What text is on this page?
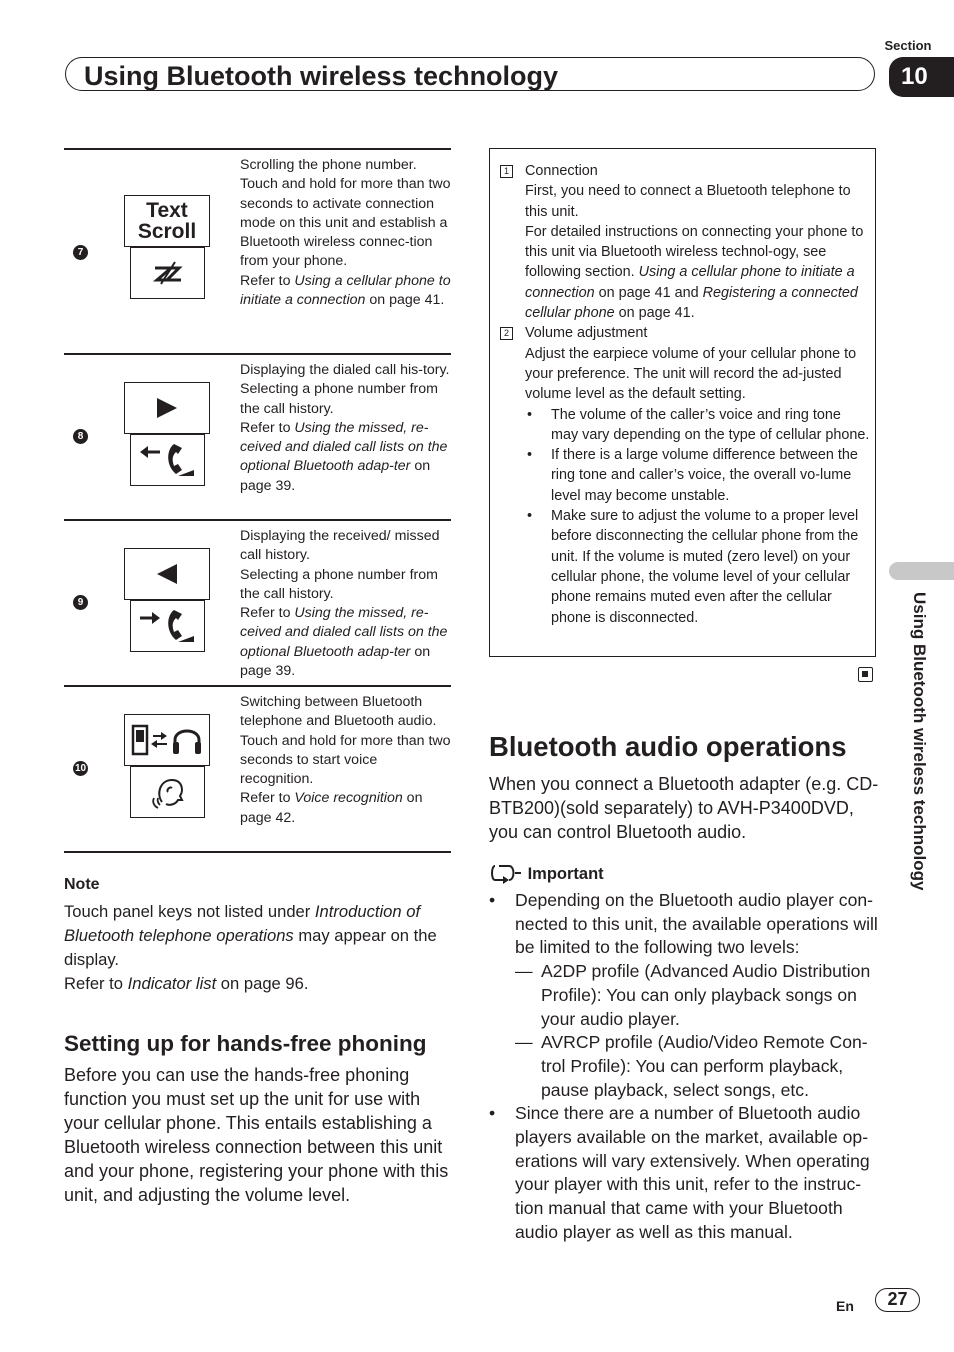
Section
10
Using Bluetooth wireless technology
Using Bluetooth wireless technology
7
Text
Scroll
Scrolling the phone number.
Touch and hold for more than two seconds to activate connection mode on this unit and establish a Bluetooth wireless connec-tion from your phone.
Refer to Using a cellular phone to initiate a connection on page 41.
8
Displaying the dialed call his-tory.
Selecting a phone number from the call history.
Refer to Using the missed, re-ceived and dialed call lists on the optional Bluetooth adap-ter on page 39.
9
Displaying the received/ missed call history.
Selecting a phone number from the call history.
Refer to Using the missed, re-ceived and dialed call lists on the optional Bluetooth adap-ter on page 39.
10
Switching between Bluetooth telephone and Bluetooth audio.
Touch and hold for more than two seconds to start voice recognition.
Refer to Voice recognition on page 42.
Note
Touch panel keys not listed under Introduction of Bluetooth telephone operations may appear on the display.
Refer to Indicator list on page 96.
Setting up for hands-free phoning
Before you can use the hands-free phoning function you must set up the unit for use with your cellular phone. This entails establishing a Bluetooth wireless connection between this unit and your phone, registering your phone with this unit, and adjusting the volume level.
1 Connection
First, you need to connect a Bluetooth telephone to this unit.
For detailed instructions on connecting your phone to this unit via Bluetooth wireless technol-ogy, see following section. Using a cellular phone to initiate a connection on page 41 and Registering a connected cellular phone on page 41.
2 Volume adjustment
Adjust the earpiece volume of your cellular phone to your preference. The unit will record the ad-justed volume level as the default setting.
• The volume of the caller’s voice and ring tone may vary depending on the type of cellular phone.
• If there is a large volume difference between the ring tone and caller’s voice, the overall vo-lume level may become unstable.
• Make sure to adjust the volume to a proper level before disconnecting the cellular phone from the unit. If the volume is muted (zero level) on your cellular phone, the volume level of your cellular phone remains muted even after the cellular phone is disconnected.
Bluetooth audio operations
When you connect a Bluetooth adapter (e.g. CD-BTB200)(sold separately) to AVH-P3400DVD, you can control Bluetooth audio.
Important
• Depending on the Bluetooth audio player con-nected to this unit, the available operations will be limited to the following two levels:
— A2DP profile (Advanced Audio Distribution Profile): You can only playback songs on your audio player.
— AVRCP profile (Audio/Video Remote Con-trol Profile): You can perform playback, pause playback, select songs, etc.
• Since there are a number of Bluetooth audio players available on the market, available op-erations will vary extensively. When operating your player with this unit, refer to the instruc-tion manual that came with your Bluetooth audio player as well as this manual.
En	27
